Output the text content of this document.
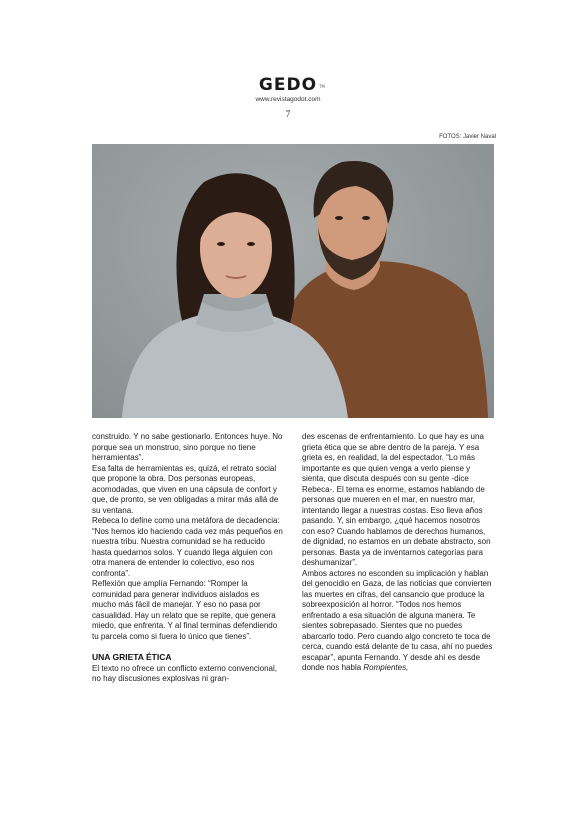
GEDO TM
www.revistagodot.com
7
FOTOS: Javier Naval

construido. Y no sabe gestionarlo. Entonces huye. No porque sea un monstruo, sino porque no tiene herramientas”.

Esa falta de herramientas es, quizá, el retrato social que propone la obra. Dos personas europeas, acomodadas, que viven en una cápsula de confort y que, de pronto, se ven obligadas a mirar más allá de su ventana.

Rebeca lo define como una metáfora de decadencia: “Nos hemos ido haciendo cada vez más pequeños en nuestra tribu. Nuestra comunidad se ha reducido hasta quedarnos solos. Y cuando llega alguien con otra manera de entender lo colectivo, eso nos confronta”.

Reflexión que amplía Fernando: “Romper la comunidad para generar individuos aislados es mucho más fácil de manejar. Y eso no pasa por casualidad. Hay un relato que se repite, que genera miedo, que enfrenta. Y al final terminas defendiendo tu parcela como si fuera lo único que tienes”.

UNA GRIETA ÉTICA

El texto no ofrece un conflicto externo convencional, no hay discusiones explosivas ni gran-

des escenas de enfrentamiento. Lo que hay es una grieta ética que se abre dentro de la pareja. Y esa grieta es, en realidad, la del espectador. “Lo más importante es que quien venga a verlo piense y sienta, que discuta después con su gente -dice Rebeca-. El tema es enorme, estamos hablando de personas que mueren en el mar, en nuestro mar, intentando llegar a nuestras costas. Eso lleva años pasando. Y, sin embargo, ¿qué hacemos nosotros con eso? Cuando hablamos de derechos humanos, de dignidad, no estamos en un debate abstracto, son personas. Basta ya de inventarnos categorías para deshumanizar”.

Ambos actores no esconden su implicación y hablan del genocidio en Gaza, de las noticias que convierten las muertes en cifras, del cansancio que produce la sobreexposición al horror. “Todos nos hemos enfrentado a esa situación de alguna manera. Te sientes sobrepasado. Sientes que no puedes abarcarlo todo. Pero cuando algo concreto te toca de cerca, cuando está delante de tu casa, ahí no puedes escapar”, apunta Fernando. Y desde ahí es desde donde nos habla Rompientes,
